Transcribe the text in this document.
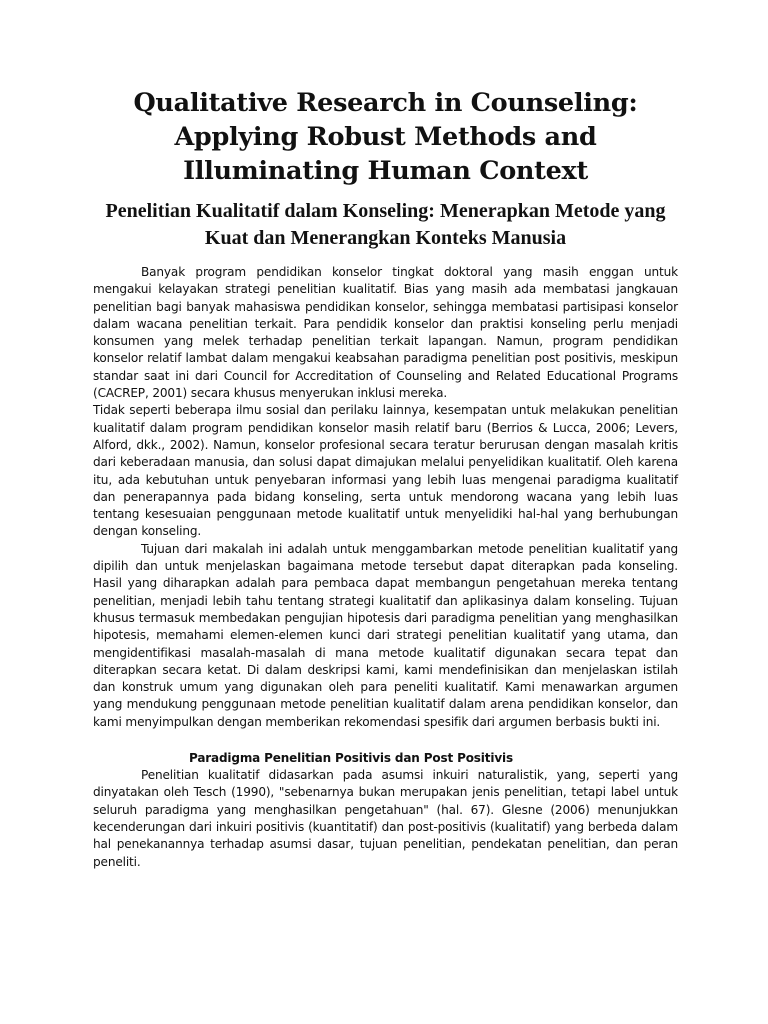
Qualitative Research in Counseling: Applying Robust Methods and Illuminating Human Context
Penelitian Kualitatif dalam Konseling: Menerapkan Metode yang Kuat dan Menerangkan Konteks Manusia

Banyak program pendidikan konselor tingkat doktoral yang masih enggan untuk mengakui kelayakan strategi penelitian kualitatif. Bias yang masih ada membatasi jangkauan penelitian bagi banyak mahasiswa pendidikan konselor, sehingga membatasi partisipasi konselor dalam wacana penelitian terkait. Para pendidik konselor dan praktisi konseling perlu menjadi konsumen yang melek terhadap penelitian terkait lapangan. Namun, program pendidikan konselor relatif lambat dalam mengakui keabsahan paradigma penelitian post positivis, meskipun standar saat ini dari Council for Accreditation of Counseling and Related Educational Programs (CACREP, 2001) secara khusus menyerukan inklusi mereka.

Tidak seperti beberapa ilmu sosial dan perilaku lainnya, kesempatan untuk melakukan penelitian kualitatif dalam program pendidikan konselor masih relatif baru (Berrios & Lucca, 2006; Levers, Alford, dkk., 2002). Namun, konselor profesional secara teratur berurusan dengan masalah kritis dari keberadaan manusia, dan solusi dapat dimajukan melalui penyelidikan kualitatif. Oleh karena itu, ada kebutuhan untuk penyebaran informasi yang lebih luas mengenai paradigma kualitatif dan penerapannya pada bidang konseling, serta untuk mendorong wacana yang lebih luas tentang kesesuaian penggunaan metode kualitatif untuk menyelidiki hal-hal yang berhubungan dengan konseling.

Tujuan dari makalah ini adalah untuk menggambarkan metode penelitian kualitatif yang dipilih dan untuk menjelaskan bagaimana metode tersebut dapat diterapkan pada konseling. Hasil yang diharapkan adalah para pembaca dapat membangun pengetahuan mereka tentang penelitian, menjadi lebih tahu tentang strategi kualitatif dan aplikasinya dalam konseling. Tujuan khusus termasuk membedakan pengujian hipotesis dari paradigma penelitian yang menghasilkan hipotesis, memahami elemen-elemen kunci dari strategi penelitian kualitatif yang utama, dan mengidentifikasi masalah-masalah di mana metode kualitatif digunakan secara tepat dan diterapkan secara ketat. Di dalam deskripsi kami, kami mendefinisikan dan menjelaskan istilah dan konstruk umum yang digunakan oleh para peneliti kualitatif. Kami menawarkan argumen yang mendukung penggunaan metode penelitian kualitatif dalam arena pendidikan konselor, dan kami menyimpulkan dengan memberikan rekomendasi spesifik dari argumen berbasis bukti ini.

Paradigma Penelitian Positivis dan Post Positivis

Penelitian kualitatif didasarkan pada asumsi inkuiri naturalistik, yang, seperti yang dinyatakan oleh Tesch (1990), "sebenarnya bukan merupakan jenis penelitian, tetapi label untuk seluruh paradigma yang menghasilkan pengetahuan" (hal. 67). Glesne (2006) menunjukkan kecenderungan dari inkuiri positivis (kuantitatif) dan post-positivis (kualitatif) yang berbeda dalam hal penekanannya terhadap asumsi dasar, tujuan penelitian, pendekatan penelitian, dan peran peneliti.
